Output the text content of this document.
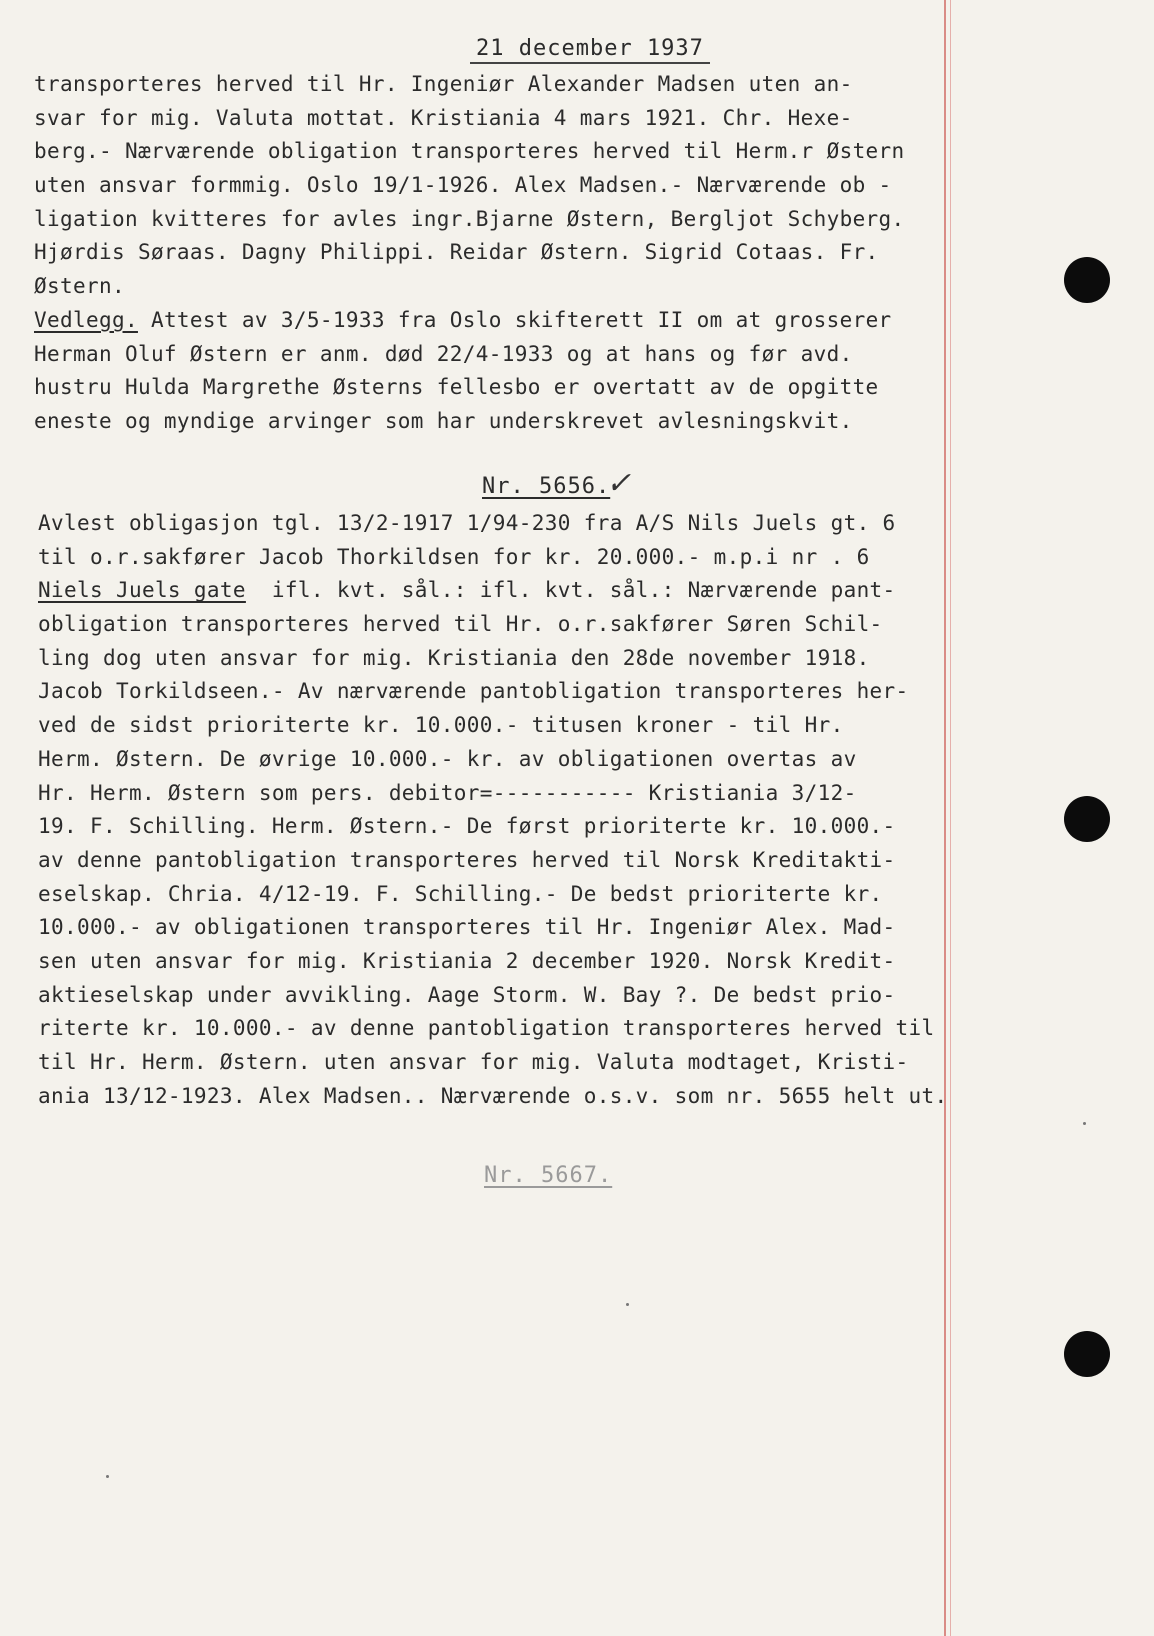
21 december 1937
transporteres herved til Hr. Ingeniør Alexander Madsen uten an-
svar for mig. Valuta mottat. Kristiania 4 mars 1921. Chr. Hexe-
berg.- Nærværende obligation transporteres herved til Herm.r Østern
uten ansvar formmig. Oslo 19/1-1926. Alex Madsen.- Nærværende ob -
ligation kvitteres for avles ingr.Bjarne Østern, Bergljot Schyberg.
Hjørdis Søraas. Dagny Philippi. Reidar Østern. Sigrid Cotaas. Fr.
Østern.
Vedlegg. Attest av 3/5-1933 fra Oslo skifterett II om at grosserer
Herman Oluf Østern er anm. død 22/4-1933 og at hans og før avd.
hustru Hulda Margrethe Østerns fellesbo er overtatt av de opgitte
eneste og myndige arvinger som har underskrevet avlesningskvit.
Nr. 5656.
✓
Avlest obligasjon tgl. 13/2-1917 1/94-230 fra A/S Nils Juels gt. 6
til o.r.sakfører Jacob Thorkildsen for kr. 20.000.- m.p.i nr . 6
Niels Juels gate  ifl. kvt. sål.: ifl. kvt. sål.: Nærværende pant-
obligation transporteres herved til Hr. o.r.sakfører Søren Schil-
ling dog uten ansvar for mig. Kristiania den 28de november 1918.
Jacob Torkildseen.- Av nærværende pantobligation transporteres her-
ved de sidst prioriterte kr. 10.000.- titusen kroner - til Hr.
Herm. Østern. De øvrige 10.000.- kr. av obligationen overtas av
Hr. Herm. Østern som pers. debitor=----------- Kristiania 3/12-
19. F. Schilling. Herm. Østern.- De først prioriterte kr. 10.000.-
av denne pantobligation transporteres herved til Norsk Kreditakti-
eselskap. Chria. 4/12-19. F. Schilling.- De bedst prioriterte kr.
10.000.- av obligationen transporteres til Hr. Ingeniør Alex. Mad-
sen uten ansvar for mig. Kristiania 2 december 1920. Norsk Kredit-
aktieselskap under avvikling. Aage Storm. W. Bay ?. De bedst prio-
riterte kr. 10.000.- av denne pantobligation transporteres herved til
til Hr. Herm. Østern. uten ansvar for mig. Valuta modtaget, Kristi-
ania 13/12-1923. Alex Madsen.. Nærværende o.s.v. som nr. 5655 helt ut.
Nr. 5667.
